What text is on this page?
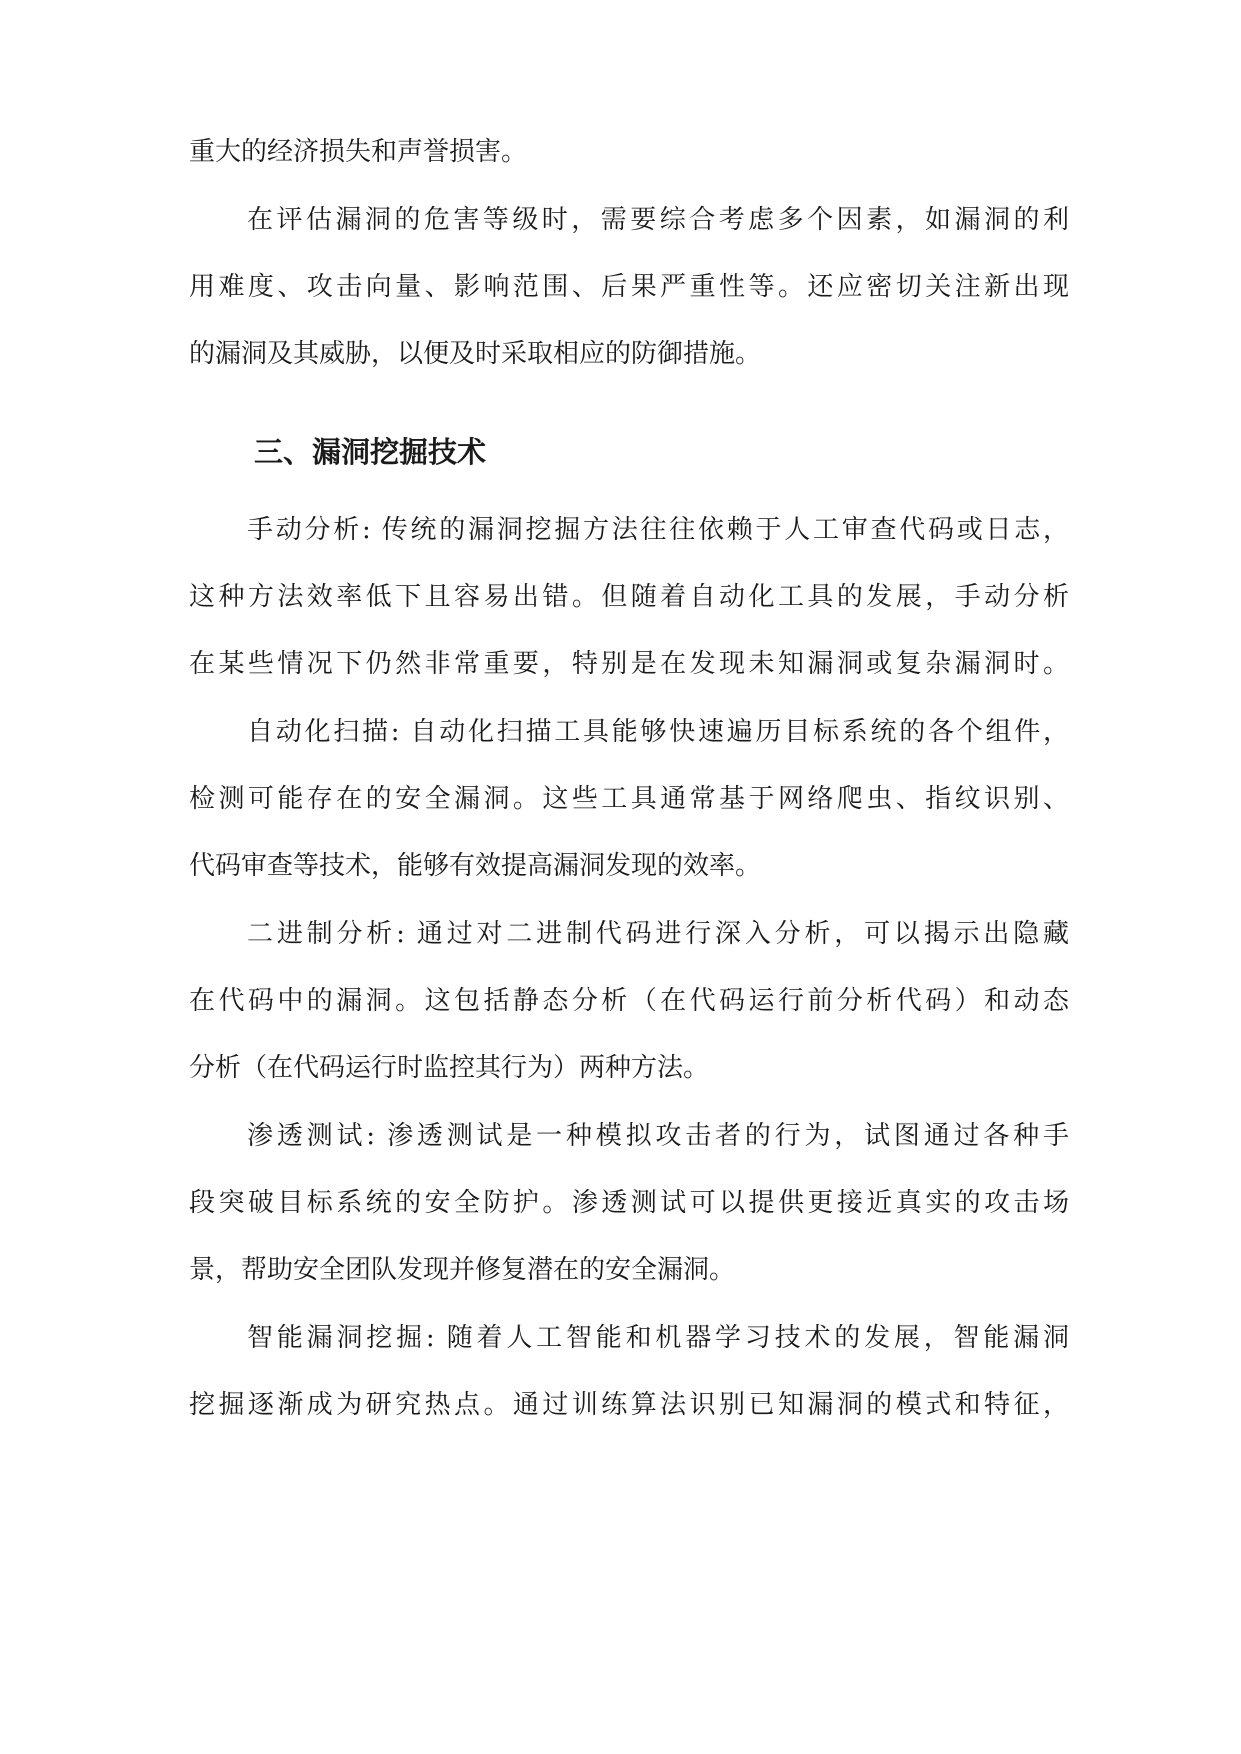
重大的经济损失和声誉损害。

在评估漏洞的危害等级时，需要综合考虑多个因素，如漏洞的利

用难度、攻击向量、影响范围、后果严重性等。还应密切关注新出现

的漏洞及其威胁，以便及时采取相应的防御措施。

三、漏洞挖掘技术

手动分析: 传统的漏洞挖掘方法往往依赖于人工审查代码或日志，

这种方法效率低下且容易出错。但随着自动化工具的发展，手动分析

在某些情况下仍然非常重要，特别是在发现未知漏洞或复杂漏洞时。

自动化扫描: 自动化扫描工具能够快速遍历目标系统的各个组件，

检测可能存在的安全漏洞。这些工具通常基于网络爬虫、指纹识别、

代码审查等技术，能够有效提高漏洞发现的效率。

二进制分析: 通过对二进制代码进行深入分析，可以揭示出隐藏

在代码中的漏洞。这包括静态分析（在代码运行前分析代码）和动态

分析（在代码运行时监控其行为）两种方法。

渗透测试: 渗透测试是一种模拟攻击者的行为，试图通过各种手

段突破目标系统的安全防护。渗透测试可以提供更接近真实的攻击场

景，帮助安全团队发现并修复潜在的安全漏洞。

智能漏洞挖掘: 随着人工智能和机器学习技术的发展，智能漏洞

挖掘逐渐成为研究热点。通过训练算法识别已知漏洞的模式和特征，
